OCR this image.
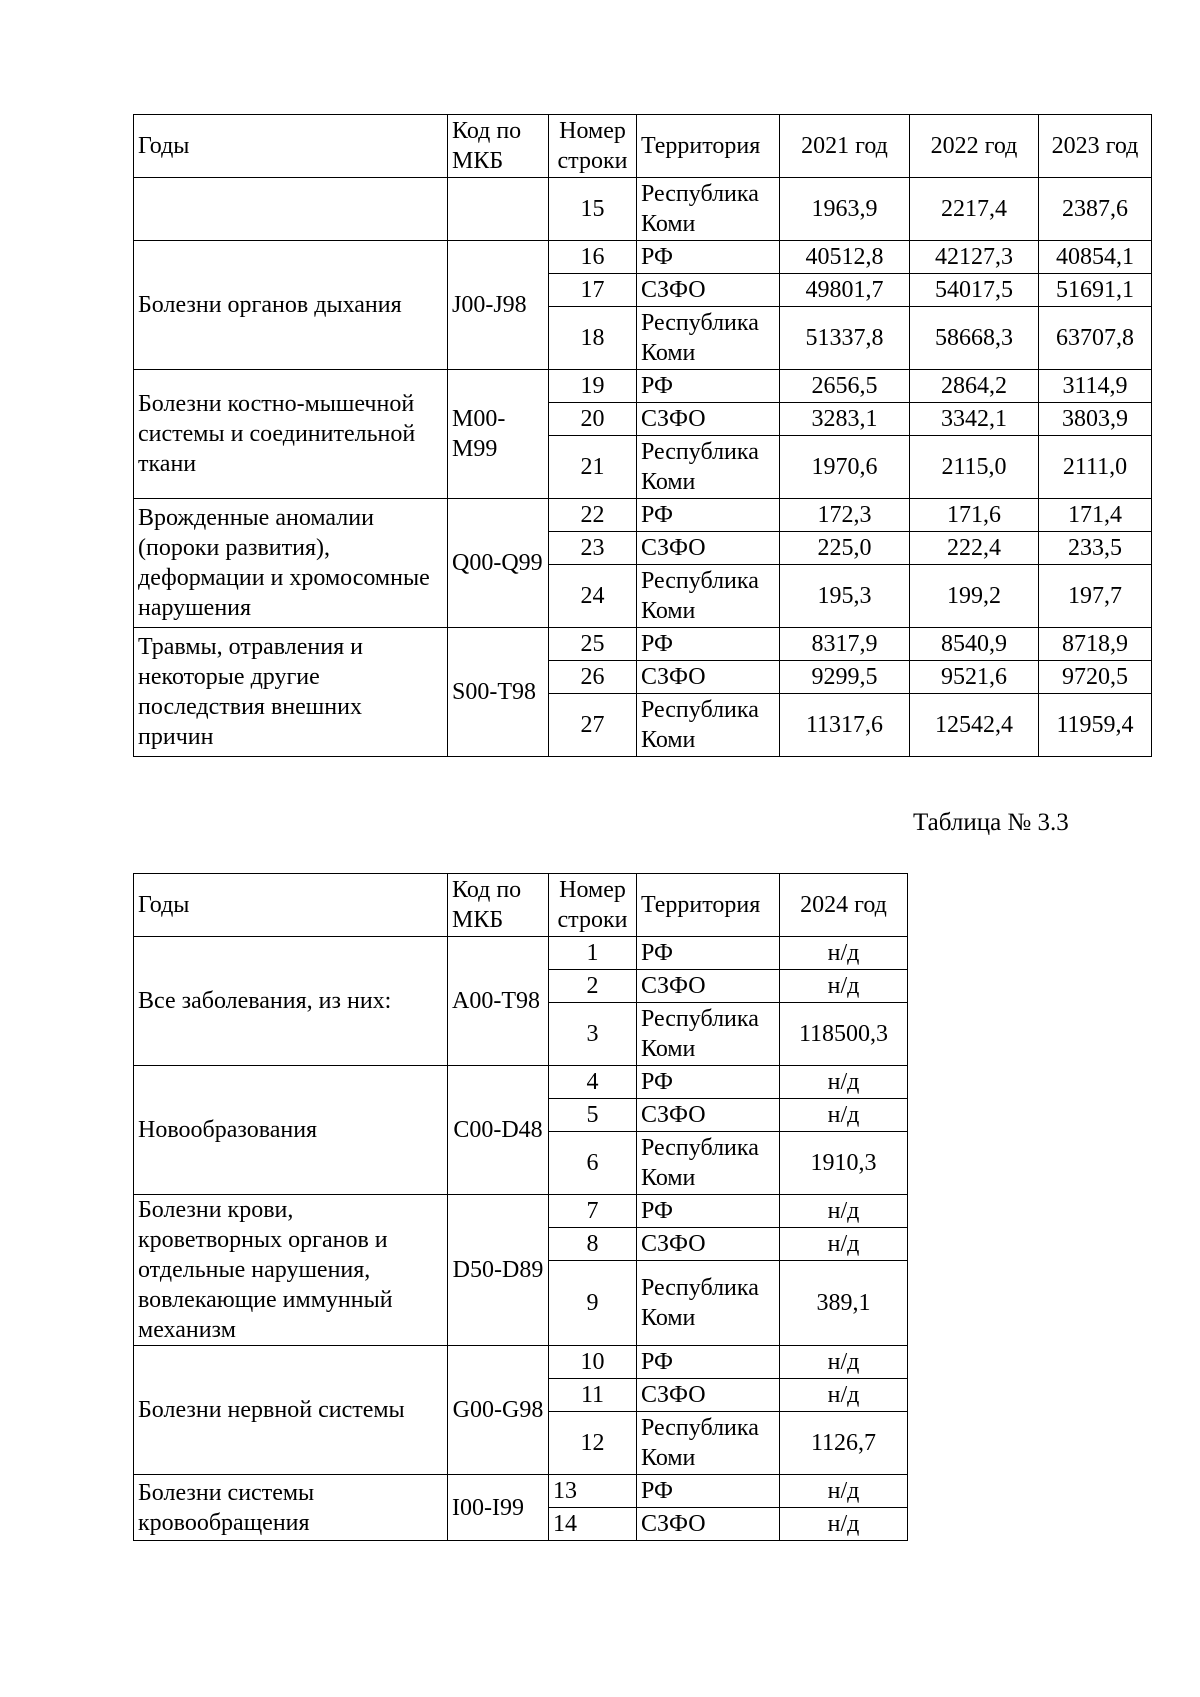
Годы	Код по МКБ	Номер строки	Территория	2021 год	2022 год	2023 год
		15	Республика Коми	1963,9	2217,4	2387,6
Болезни органов дыхания	J00-J98	16	РФ	40512,8	42127,3	40854,1
		17	СЗФО	49801,7	54017,5	51691,1
		18	Республика Коми	51337,8	58668,3	63707,8
Болезни костно-мышечной системы и соединительной ткани	M00-M99	19	РФ	2656,5	2864,2	3114,9
		20	СЗФО	3283,1	3342,1	3803,9
		21	Республика Коми	1970,6	2115,0	2111,0
Врожденные аномалии (пороки развития), деформации и хромосомные нарушения	Q00-Q99	22	РФ	172,3	171,6	171,4
		23	СЗФО	225,0	222,4	233,5
		24	Республика Коми	195,3	199,2	197,7
Травмы, отравления и некоторые другие последствия внешних причин	S00-T98	25	РФ	8317,9	8540,9	8718,9
		26	СЗФО	9299,5	9521,6	9720,5
		27	Республика Коми	11317,6	12542,4	11959,4
Таблица № 3.3
Годы	Код по МКБ	Номер строки	Территория	2024 год
Все заболевания, из них:	A00-T98	1	РФ	н/д
		2	СЗФО	н/д
		3	Республика Коми	118500,3
Новообразования	C00-D48	4	РФ	н/д
		5	СЗФО	н/д
		6	Республика Коми	1910,3
Болезни крови, кроветворных органов и отдельные нарушения, вовлекающие иммунный механизм	D50-D89	7	РФ	н/д
		8	СЗФО	н/д
		9	Республика Коми	389,1
Болезни нервной системы	G00-G98	10	РФ	н/д
		11	СЗФО	н/д
		12	Республика Коми	1126,7
Болезни системы кровообращения	I00-I99	13	РФ	н/д
		14	СЗФО	н/д
